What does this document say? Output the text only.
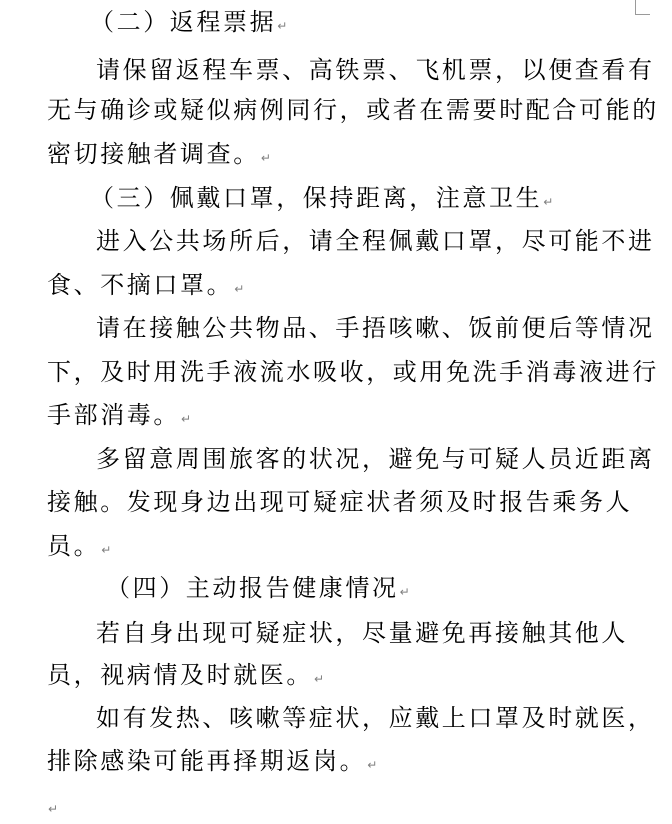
（二）返程票据↵
请保留返程车票、高铁票、飞机票，以便查看有
无与确诊或疑似病例同行，或者在需要时配合可能的
密切接触者调查。↵
（三）佩戴口罩，保持距离，注意卫生↵
进入公共场所后，请全程佩戴口罩，尽可能不进
食、不摘口罩。↵
请在接触公共物品、手捂咳嗽、饭前便后等情况
下，及时用洗手液流水吸收，或用免洗手消毒液进行
手部消毒。↵
多留意周围旅客的状况，避免与可疑人员近距离
接触。发现身边出现可疑症状者须及时报告乘务人
员。↵
（四）主动报告健康情况↵
若自身出现可疑症状，尽量避免再接触其他人
员，视病情及时就医。↵
如有发热、咳嗽等症状，应戴上口罩及时就医，
排除感染可能再择期返岗。↵
↵
